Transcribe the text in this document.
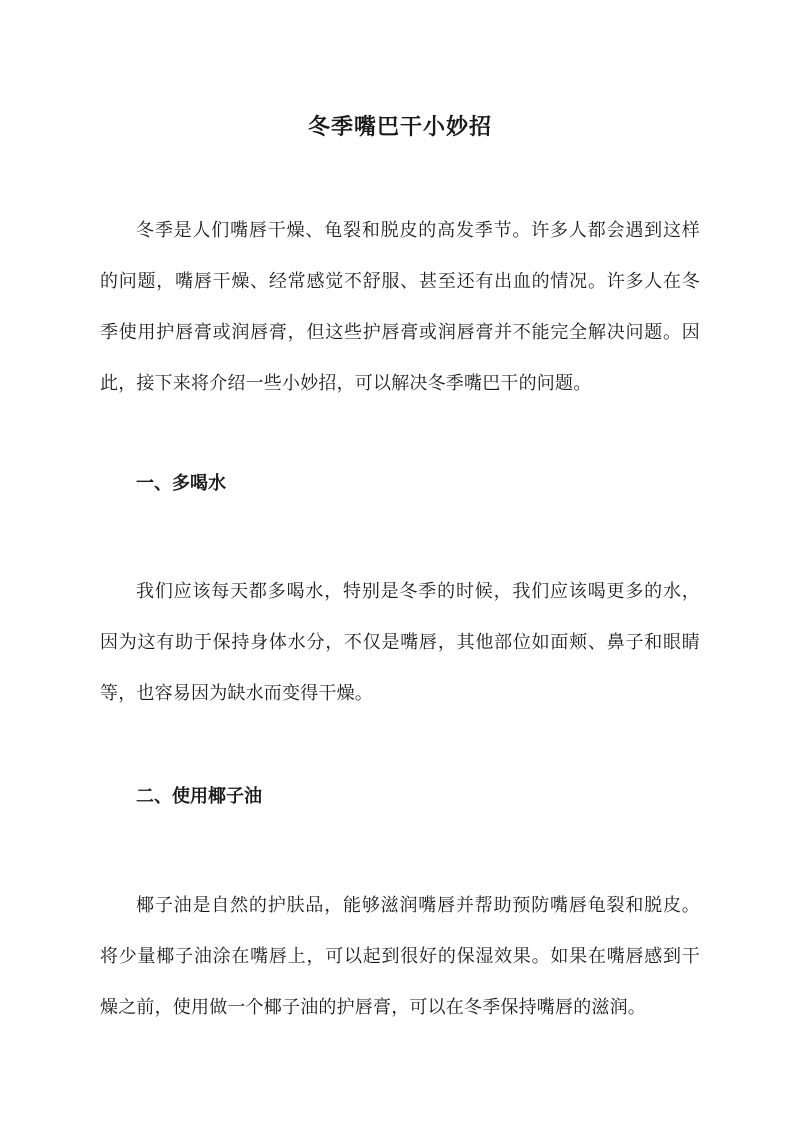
冬季嘴巴干小妙招

冬季是人们嘴唇干燥、龟裂和脱皮的高发季节。许多人都会遇到这样的问题，嘴唇干燥、经常感觉不舒服、甚至还有出血的情况。许多人在冬季使用护唇膏或润唇膏，但这些护唇膏或润唇膏并不能完全解决问题。因此，接下来将介绍一些小妙招，可以解决冬季嘴巴干的问题。

一、多喝水

我们应该每天都多喝水，特别是冬季的时候，我们应该喝更多的水，因为这有助于保持身体水分，不仅是嘴唇，其他部位如面颊、鼻子和眼睛等，也容易因为缺水而变得干燥。

二、使用椰子油

椰子油是自然的护肤品，能够滋润嘴唇并帮助预防嘴唇龟裂和脱皮。将少量椰子油涂在嘴唇上，可以起到很好的保湿效果。如果在嘴唇感到干燥之前，使用做一个椰子油的护唇膏，可以在冬季保持嘴唇的滋润。
